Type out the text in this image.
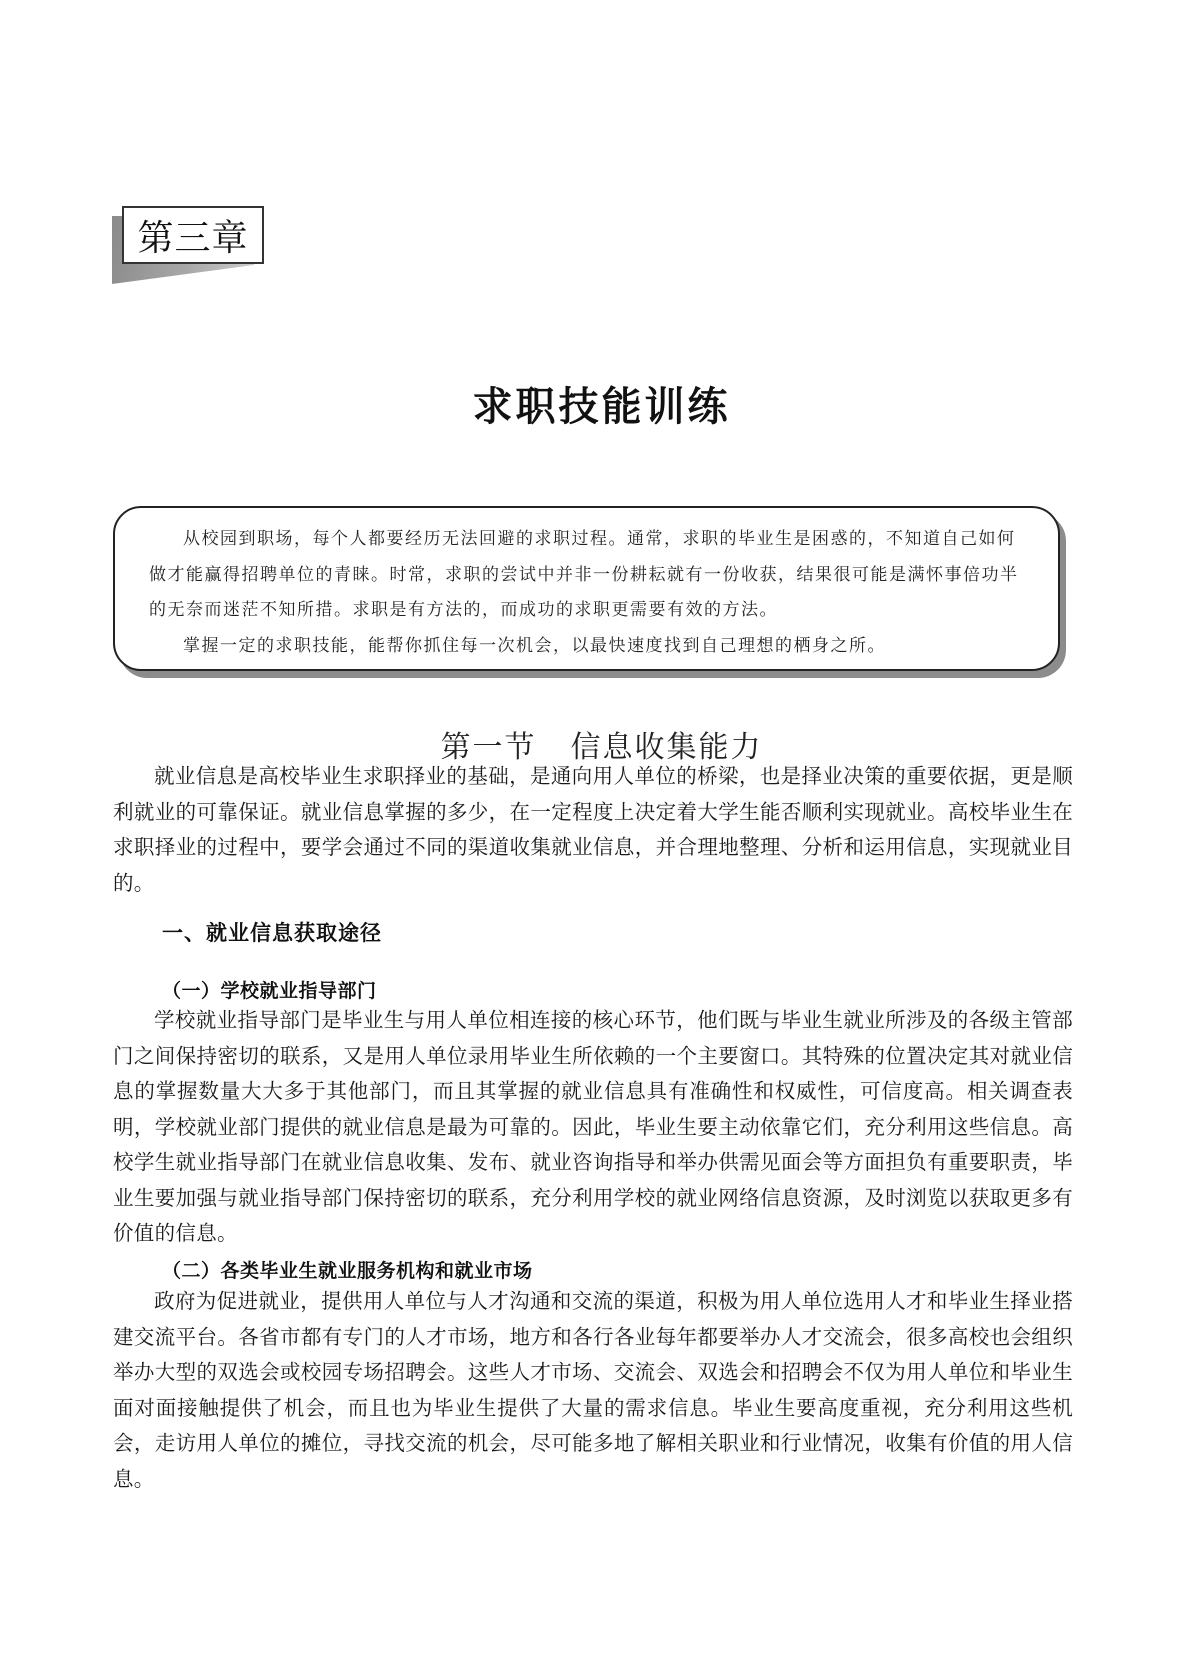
第三章
求职技能训练

从校园到职场，每个人都要经历无法回避的求职过程。通常，求职的毕业生是困惑的，不知道自己如何做才能赢得招聘单位的青睐。时常，求职的尝试中并非一份耕耘就有一份收获，结果很可能是满怀事倍功半的无奈而迷茫不知所措。求职是有方法的，而成功的求职更需要有效的方法。

掌握一定的求职技能，能帮你抓住每一次机会，以最快速度找到自己理想的栖身之所。

第一节 信息收集能力

就业信息是高校毕业生求职择业的基础，是通向用人单位的桥梁，也是择业决策的重要依据，更是顺利就业的可靠保证。就业信息掌握的多少，在一定程度上决定着大学生能否顺利实现就业。高校毕业生在求职择业的过程中，要学会通过不同的渠道收集就业信息，并合理地整理、分析和运用信息，实现就业目的。

一、就业信息获取途径
（一）学校就业指导部门

学校就业指导部门是毕业生与用人单位相连接的核心环节，他们既与毕业生就业所涉及的各级主管部门之间保持密切的联系，又是用人单位录用毕业生所依赖的一个主要窗口。其特殊的位置决定其对就业信息的掌握数量大大多于其他部门，而且其掌握的就业信息具有准确性和权威性，可信度高。相关调查表明，学校就业部门提供的就业信息是最为可靠的。因此，毕业生要主动依靠它们，充分利用这些信息。高校学生就业指导部门在就业信息收集、发布、就业咨询指导和举办供需见面会等方面担负有重要职责，毕业生要加强与就业指导部门保持密切的联系，充分利用学校的就业网络信息资源，及时浏览以获取更多有价值的信息。

（二）各类毕业生就业服务机构和就业市场

政府为促进就业，提供用人单位与人才沟通和交流的渠道，积极为用人单位选用人才和毕业生择业搭建交流平台。各省市都有专门的人才市场，地方和各行各业每年都要举办人才交流会，很多高校也会组织举办大型的双选会或校园专场招聘会。这些人才市场、交流会、双选会和招聘会不仅为用人单位和毕业生面对面接触提供了机会，而且也为毕业生提供了大量的需求信息。毕业生要高度重视，充分利用这些机会，走访用人单位的摊位，寻找交流的机会，尽可能多地了解相关职业和行业情况，收集有价值的用人信息。
